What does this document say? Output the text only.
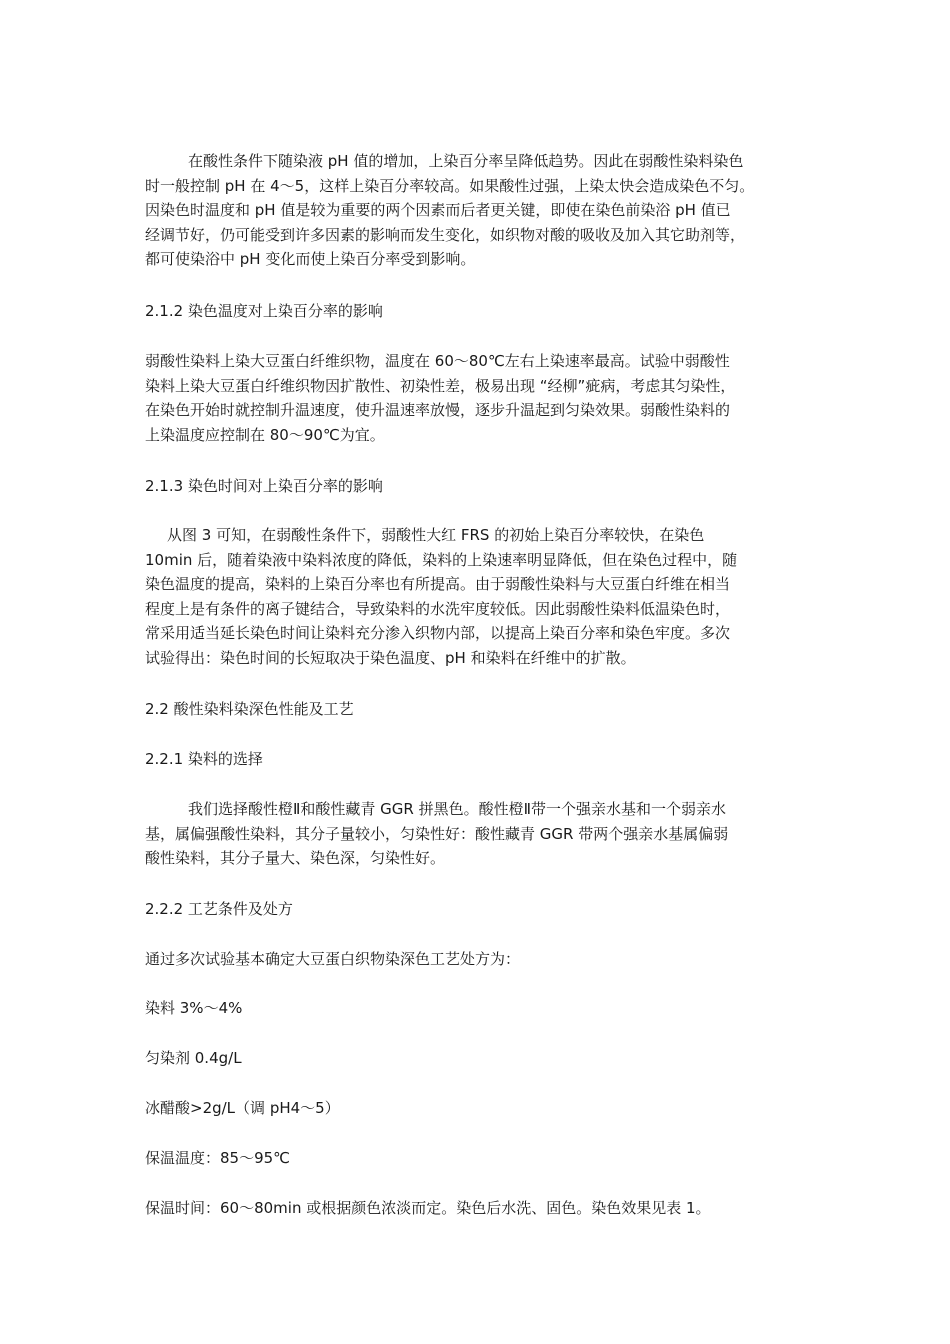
在酸性条件下随染液 pH 值的增加，上染百分率呈降低趋势。因此在弱酸性染料染色
时一般控制 pH 在 4～5，这样上染百分率较高。如果酸性过强，上染太快会造成染色不匀。
因染色时温度和 pH 值是较为重要的两个因素而后者更关键，即使在染色前染浴 pH 值已
经调节好，仍可能受到许多因素的影响而发生变化，如织物对酸的吸收及加入其它助剂等，
都可使染浴中 pH 变化而使上染百分率受到影响。
2.1.2 染色温度对上染百分率的影响
弱酸性染料上染大豆蛋白纤维织物，温度在 60～80℃左右上染速率最高。试验中弱酸性
染料上染大豆蛋白纤维织物因扩散性、初染性差，极易出现 “经柳”疵病，考虑其匀染性，
在染色开始时就控制升温速度，使升温速率放慢，逐步升温起到匀染效果。弱酸性染料的
上染温度应控制在 80～90℃为宜。
2.1.3 染色时间对上染百分率的影响
从图 3 可知，在弱酸性条件下，弱酸性大红 FRS 的初始上染百分率较快，在染色
10min 后，随着染液中染料浓度的降低，染料的上染速率明显降低，但在染色过程中，随
染色温度的提高，染料的上染百分率也有所提高。由于弱酸性染料与大豆蛋白纤维在相当
程度上是有条件的离子键结合，导致染料的水洗牢度较低。因此弱酸性染料低温染色时，
常采用适当延长染色时间让染料充分渗入织物内部，以提高上染百分率和染色牢度。多次
试验得出：染色时间的长短取决于染色温度、pH 和染料在纤维中的扩散。
2.2 酸性染料染深色性能及工艺
2.2.1 染料的选择
我们选择酸性橙Ⅱ和酸性藏青 GGR 拼黑色。酸性橙Ⅱ带一个强亲水基和一个弱亲水
基，属偏强酸性染料，其分子量较小，匀染性好：酸性藏青 GGR 带两个强亲水基属偏弱
酸性染料，其分子量大、染色深，匀染性好。
2.2.2 工艺条件及处方
通过多次试验基本确定大豆蛋白织物染深色工艺处方为：
染料 3%～4%
匀染剂 0.4g/L
冰醋酸>2g/L（调 pH4～5）
保温温度：85～95℃
保温时间：60～80min 或根据颜色浓淡而定。染色后水洗、固色。染色效果见表 1。
